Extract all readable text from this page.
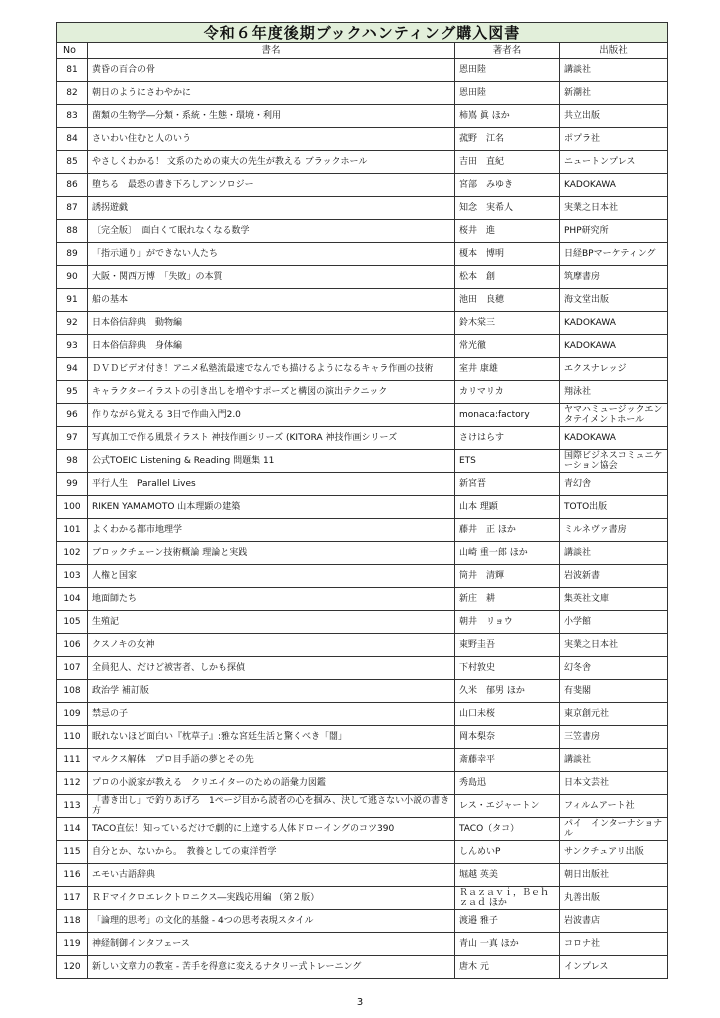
令和６年度後期ブックハンティング購入図書			
No	書名	著者名	出版社
81	黄昏の百合の骨	恩田陸	講談社
82	朝日のようにさわやかに	恩田陸	新潮社
83	菌類の生物学―分類・系統・生態・環境・利用	柿嶌 眞 ほか	共立出版
84	さいわい住むと人のいう	菰野　江名	ポプラ社
85	やさしくわかる！ 文系のための東大の先生が教える ブラックホール	吉田　直紀	ニュートンプレス
86	堕ちる　最恐の書き下ろしアンソロジー	宮部　みゆき	KADOKAWA
87	誘拐遊戯	知念　実希人	実業之日本社
88	〔完全版〕　面白くて眠れなくなる数学	桜井　進	PHP研究所
89	「指示通り」ができない人たち	榎本　博明	日経BPマーケティング
90	大阪・関西万博　「失敗」の本質	松本　創	筑摩書房
91	船の基本	池田　良穂	海文堂出版
92	日本俗信辞典　動物編	鈴木棠三	KADOKAWA
93	日本俗信辞典　身体編	常光徹	KADOKAWA
94	ＤＶＤビデオ付き！アニメ私塾流最速でなんでも描けるようになるキャラ作画の技術	室井 康雄	エクスナレッジ
95	キャラクターイラストの引き出しを増やすポーズと構図の演出テクニック	カリマリカ	翔泳社
96	作りながら覚える 3日で作曲入門2.0	monaca:factory	ヤマハミュージックエンタテイメントホール
97	写真加工で作る風景イラスト 神技作画シリーズ (KITORA 神技作画シリーズ	さけはらす	KADOKAWA
98	公式TOEIC Listening & Reading 問題集 11	ETS	国際ビジネスコミュニケーション協会
99	平行人生　Parallel Lives	新宮晋	青幻舎
100	RIKEN YAMAMOTO 山本理顕の建築	山本 理顕	TOTO出版
101	よくわかる都市地理学	藤井　正 ほか	ミルネヴァ書房
102	ブロックチェーン技術概論 理論と実践	山崎 重一郎 ほか	講談社
103	人権と国家	筒井　清輝	岩波新書
104	地面師たち	新庄　耕	集英社文庫
105	生殖記	朝井　リョウ	小学館
106	クスノキの女神	東野圭吾	実業之日本社
107	全員犯人、だけど被害者、しかも探偵	下村敦史	幻冬舎
108	政治学 補訂版	久米　郁男 ほか	有斐閣
109	禁忌の子	山口未桜	東京創元社
110	眠れないほど面白い『枕草子』:雅な宮廷生活と驚くべき「闇」	岡本梨奈	三笠書房
111	マルクス解体　プロ目手語の夢とその先	斎藤幸平	講談社
112	プロの小説家が教える　クリエイターのための語彙力図鑑	秀島迅	日本文芸社
113	「書き出し」で釣りあげろ　1ページ目から読者の心を掴み、決して逃さない小説の書き方	レス・エジャートン	フィルムアート社
114	TACO直伝！知っているだけで劇的に上達する人体ドローイングのコツ390	TACO（タコ）	パイ　インターナショナル
115	自分とか、ないから。　教養としての東洋哲学	しんめいP	サンクチュアリ出版
116	エモい古語辞典	堀越 英美	朝日出版社
117	ＲＦマイクロエレクトロニクス―実践応用編 （第２版）	Ｒａｚａｖｉ，Ｂｅｈｚａｄ ほか	丸善出版
118	「論理的思考」の文化的基盤 - 4つの思考表現スタイル	渡邉 雅子	岩波書店
119	神経制御インタフェース	青山 一真 ほか	コロナ社
120	新しい文章力の教室 - 苦手を得意に変えるナタリー式トレーニング	唐木 元	インプレス
3
